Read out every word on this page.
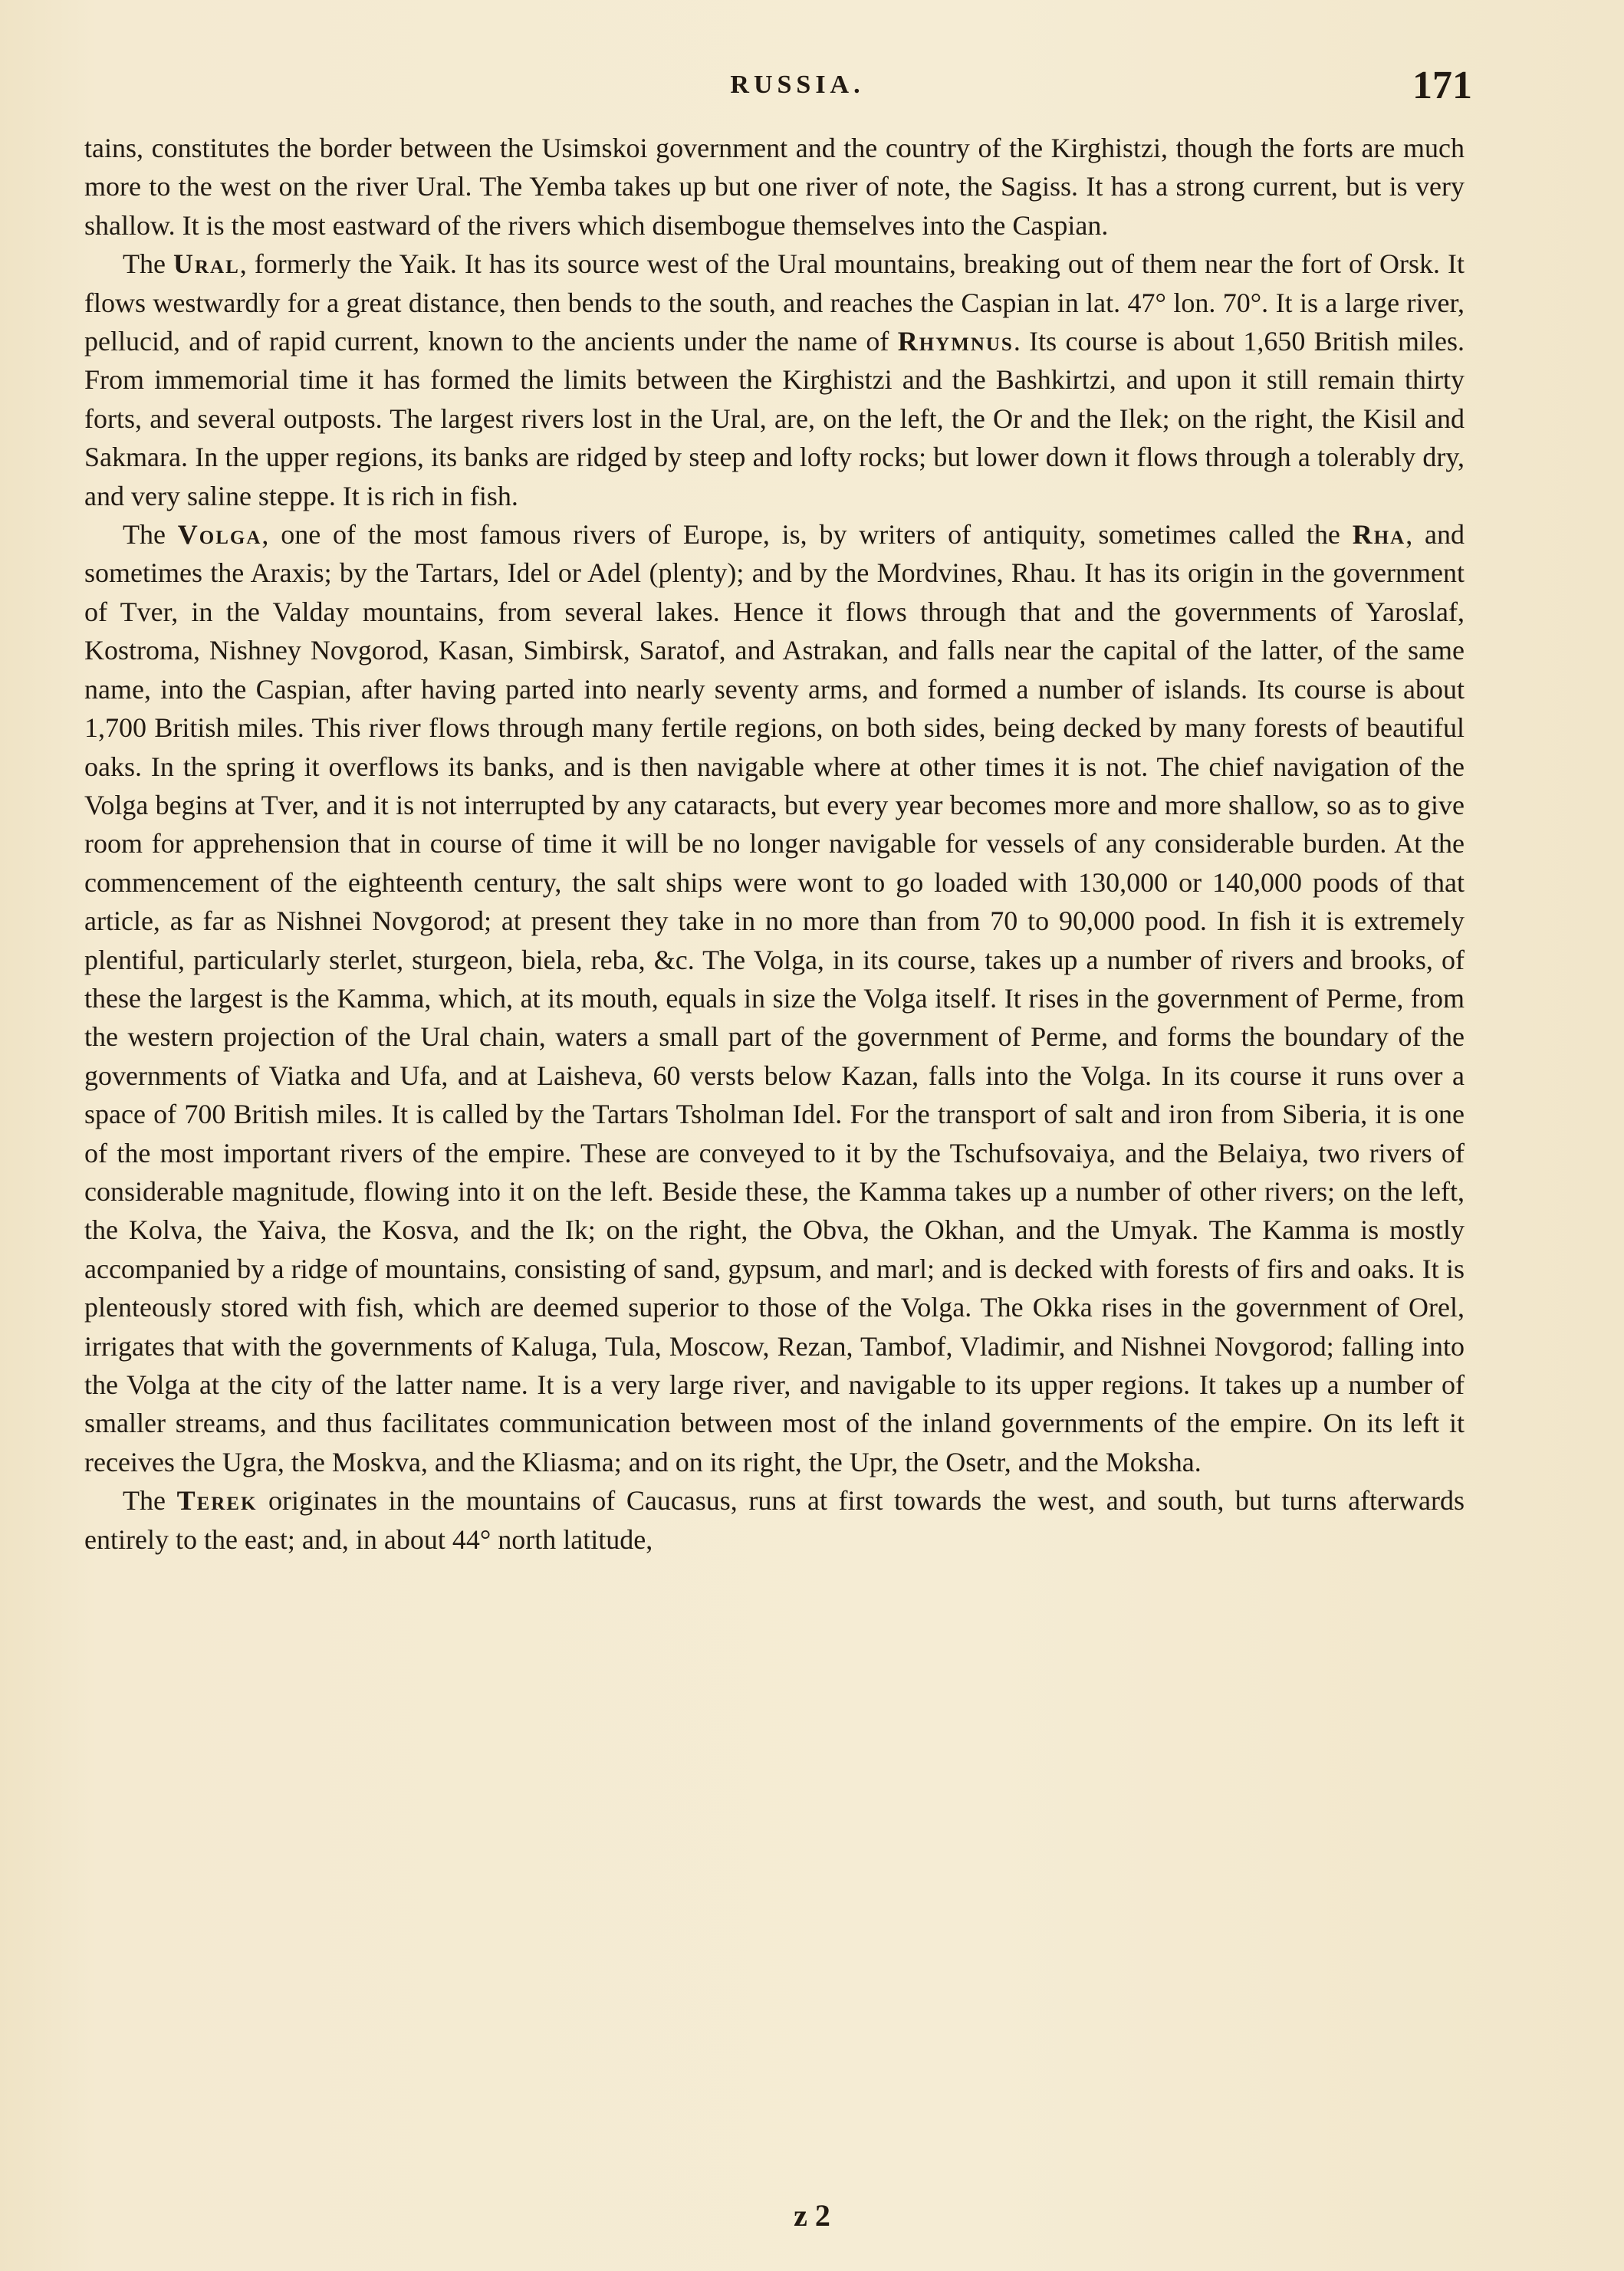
RUSSIA.	171

tains, constitutes the border between the Usimskoi government and the country of the Kirghistzi, though the forts are much more to the west on the river Ural. The Yemba takes up but one river of note, the Sagiss. It has a strong current, but is very shallow. It is the most eastward of the rivers which disembogue themselves into the Caspian.

The Ural, formerly the Yaik. It has its source west of the Ural mountains, breaking out of them near the fort of Orsk. It flows westwardly for a great distance, then bends to the south, and reaches the Caspian in lat. 47° lon. 70°. It is a large river, pellucid, and of rapid current, known to the ancients under the name of Rhymnus. Its course is about 1,650 British miles. From immemorial time it has formed the limits between the Kirghistzi and the Bashkirtzi, and upon it still remain thirty forts, and several outposts. The largest rivers lost in the Ural, are, on the left, the Or and the Ilek; on the right, the Kisil and Sakmara. In the upper regions, its banks are ridged by steep and lofty rocks; but lower down it flows through a tolerably dry, and very saline steppe. It is rich in fish.

The Volga, one of the most famous rivers of Europe, is, by writers of antiquity, sometimes called the Rha, and sometimes the Araxis; by the Tartars, Idel or Adel (plenty); and by the Mordvines, Rhau. It has its origin in the government of Tver, in the Valday mountains, from several lakes. Hence it flows through that and the governments of Yaroslaf, Kostroma, Nishney Novgorod, Kasan, Simbirsk, Saratof, and Astrakan, and falls near the capital of the latter, of the same name, into the Caspian, after having parted into nearly seventy arms, and formed a number of islands. Its course is about 1,700 British miles. This river flows through many fertile regions, on both sides, being decked by many forests of beautiful oaks. In the spring it overflows its banks, and is then navigable where at other times it is not. The chief navigation of the Volga begins at Tver, and it is not interrupted by any cataracts, but every year becomes more and more shallow, so as to give room for apprehension that in course of time it will be no longer navigable for vessels of any considerable burden. At the commencement of the eighteenth century, the salt ships were wont to go loaded with 130,000 or 140,000 poods of that article, as far as Nishnei Novgorod; at present they take in no more than from 70 to 90,000 pood. In fish it is extremely plentiful, particularly sterlet, sturgeon, biela, reba, &c. The Volga, in its course, takes up a number of rivers and brooks, of these the largest is the Kamma, which, at its mouth, equals in size the Volga itself. It rises in the government of Perme, from the western projection of the Ural chain, waters a small part of the government of Perme, and forms the boundary of the governments of Viatka and Ufa, and at Laisheva, 60 versts below Kazan, falls into the Volga. In its course it runs over a space of 700 British miles. It is called by the Tartars Tsholman Idel. For the transport of salt and iron from Siberia, it is one of the most important rivers of the empire. These are conveyed to it by the Tschufsovaiya, and the Belaiya, two rivers of considerable magnitude, flowing into it on the left. Beside these, the Kamma takes up a number of other rivers; on the left, the Kolva, the Yaiva, the Kosva, and the Ik; on the right, the Obva, the Okhan, and the Umyak. The Kamma is mostly accompanied by a ridge of mountains, consisting of sand, gypsum, and marl; and is decked with forests of firs and oaks. It is plenteously stored with fish, which are deemed superior to those of the Volga. The Okka rises in the government of Orel, irrigates that with the governments of Kaluga, Tula, Moscow, Rezan, Tambof, Vladimir, and Nishnei Novgorod; falling into the Volga at the city of the latter name. It is a very large river, and navigable to its upper regions. It takes up a number of smaller streams, and thus facilitates communication between most of the inland governments of the empire. On its left it receives the Ugra, the Moskva, and the Kliasma; and on its right, the Upr, the Osetr, and the Moksha.

The Terek originates in the mountains of Caucasus, runs at first towards the west, and south, but turns afterwards entirely to the east; and, in about 44° north latitude,

z 2
